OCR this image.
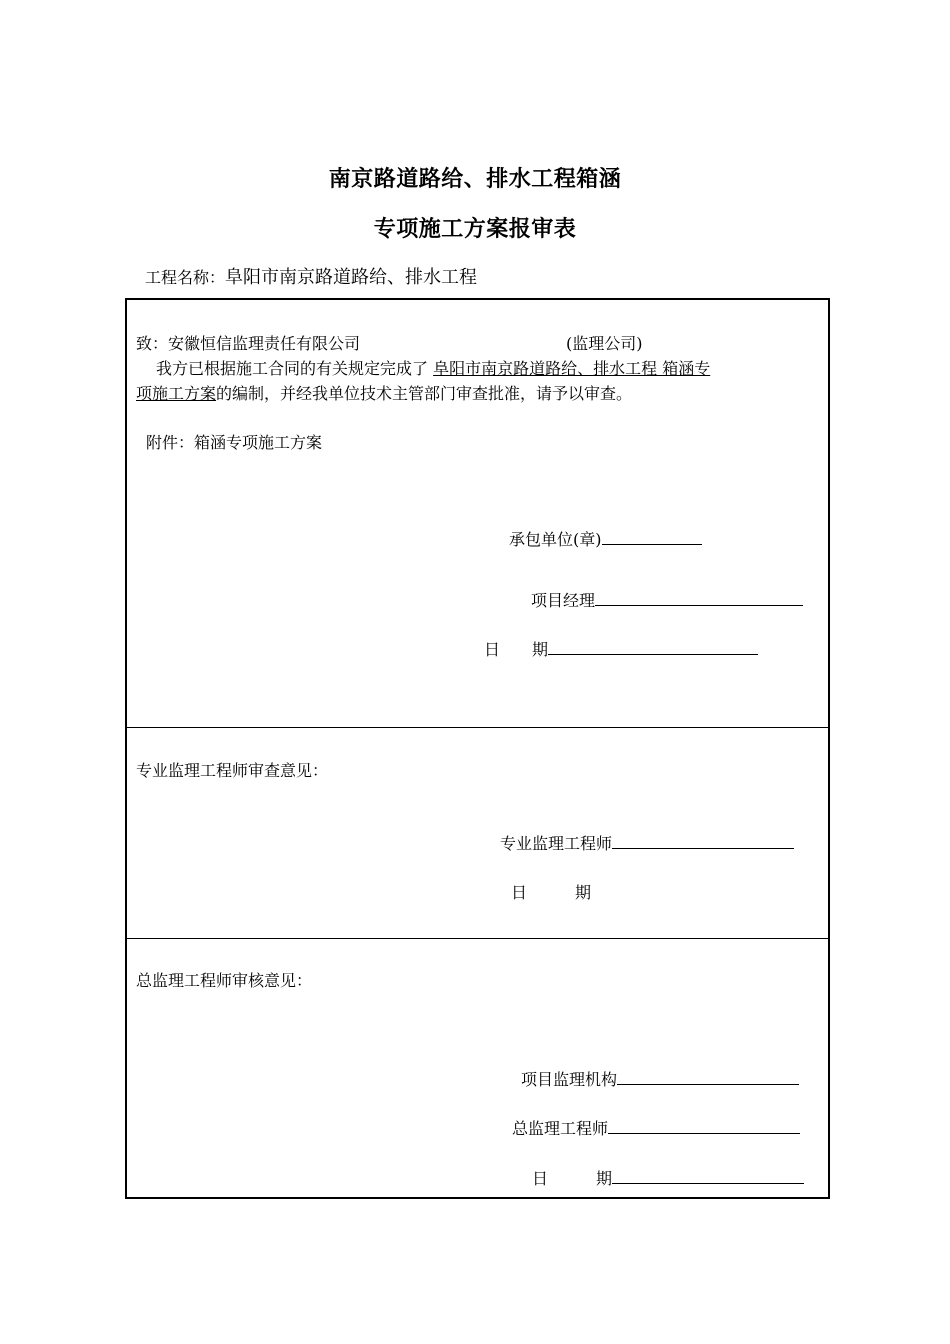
南京路道路给、排水工程箱涵
专项施工方案报审表
工程名称：阜阳市南京路道路给、排水工程
致：安徽恒信监理责任有限公司	(监理公司)
我方已根据施工合同的有关规定完成了 阜阳市南京路道路给、排水工程 箱涵专
项施工方案的编制，并经我单位技术主管部门审查批准，请予以审查。
附件：箱涵专项施工方案
承包单位(章)
项目经理
日　　期
专业监理工程师审查意见：
专业监理工程师
日　　　期
总监理工程师审核意见：
项目监理机构
总监理工程师
日　　　期
